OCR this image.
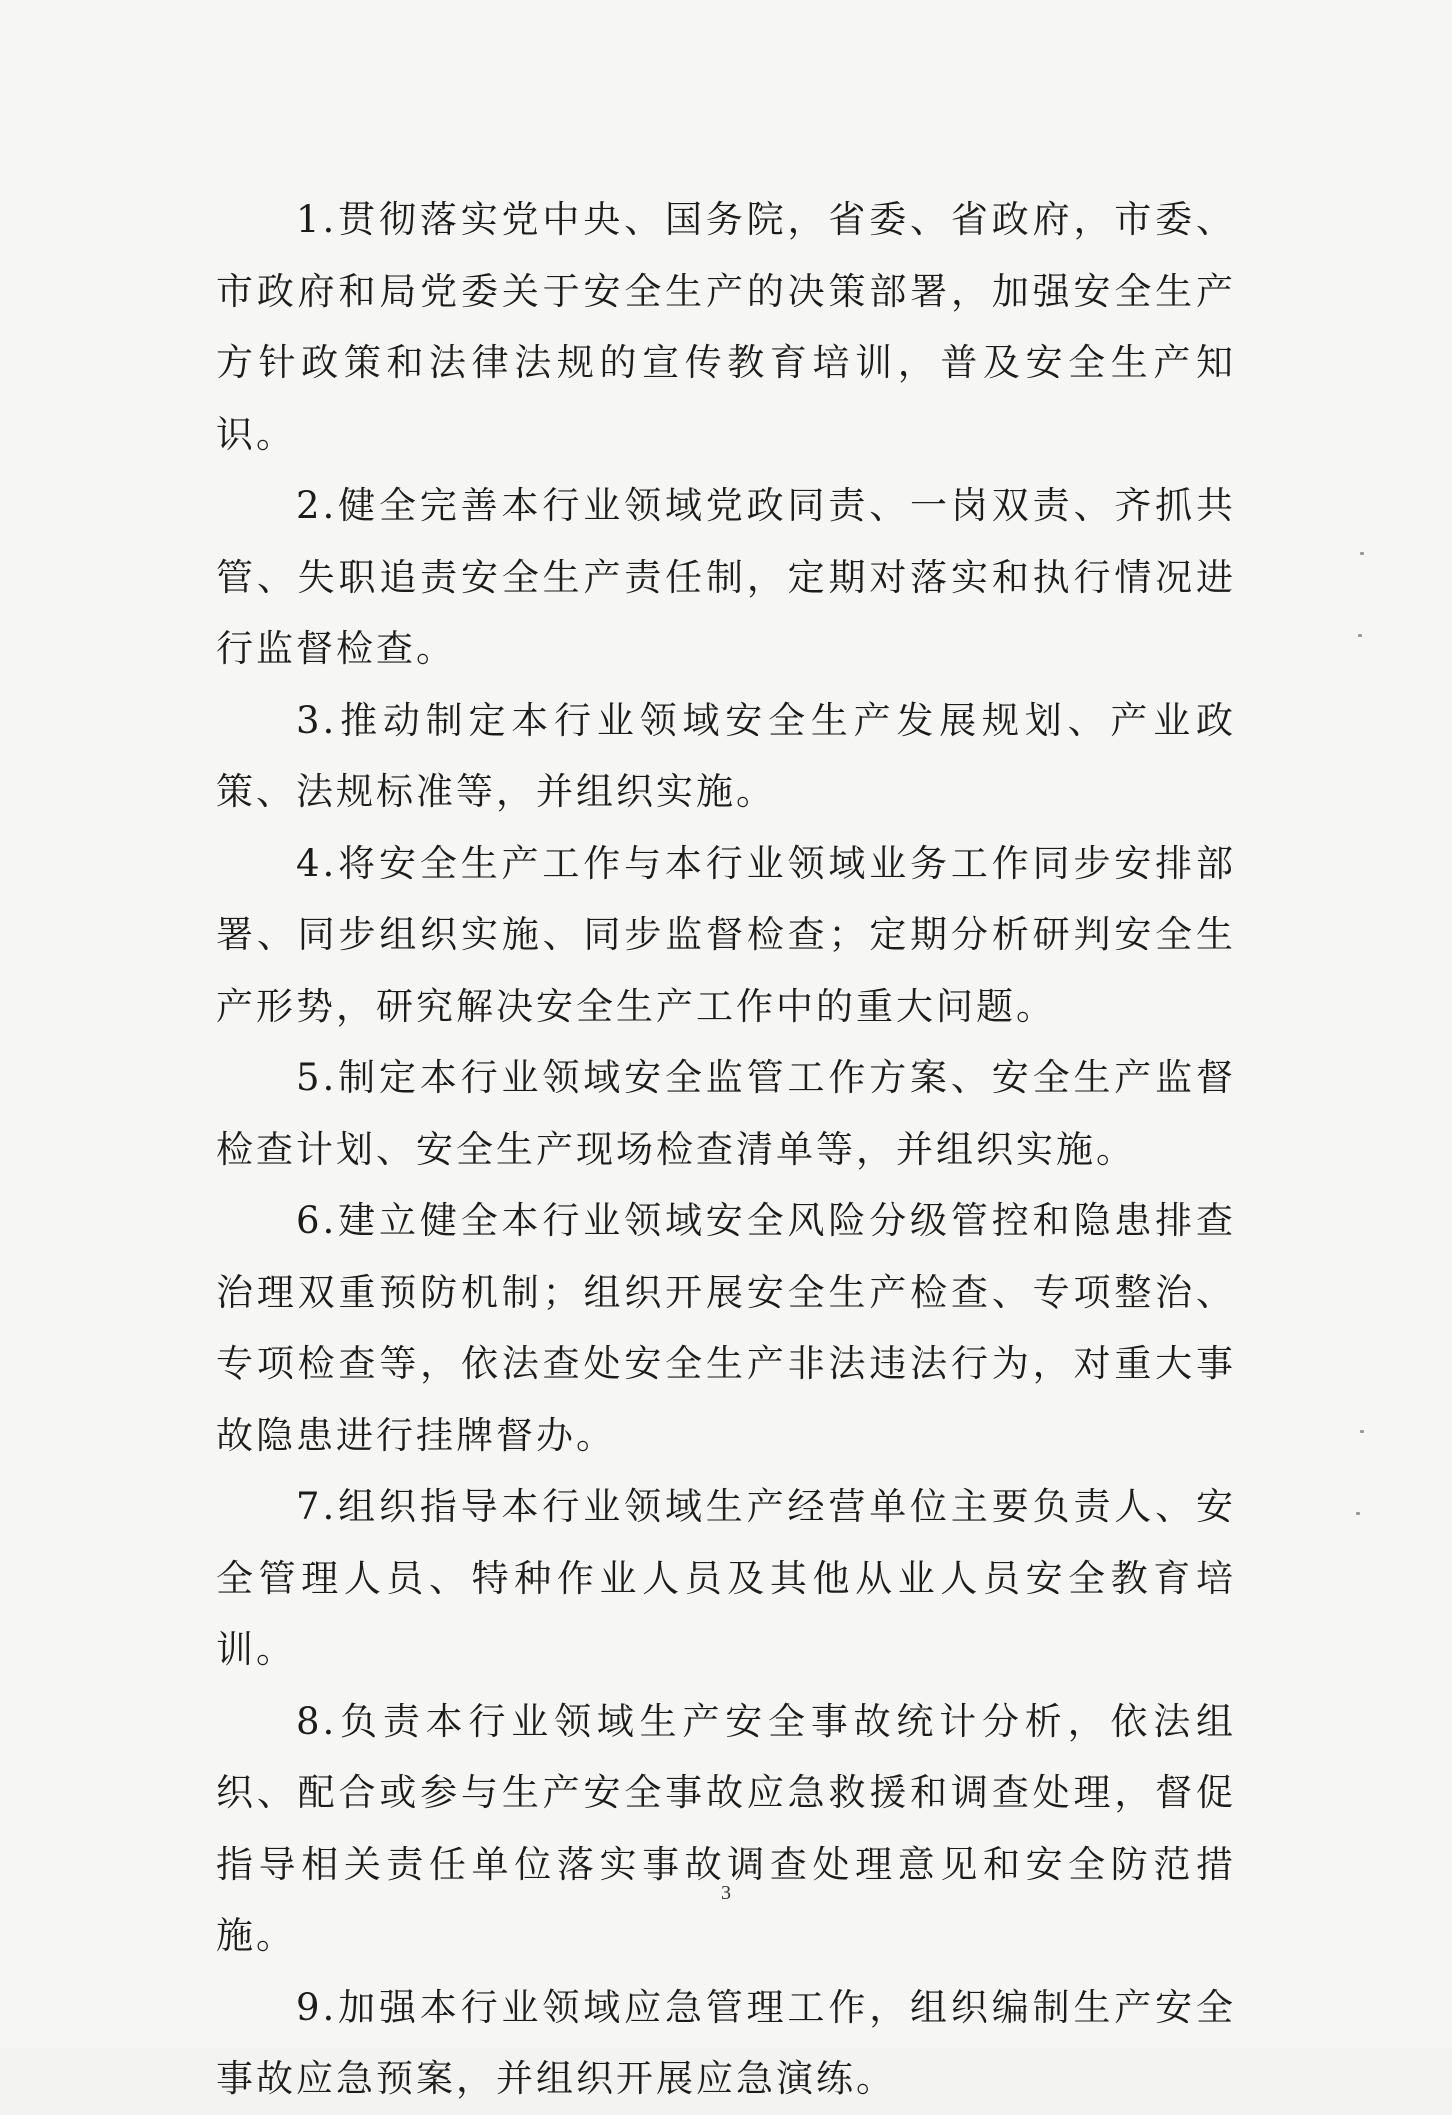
1.贯彻落实党中央、国务院，省委、省政府，市委、市政府和局党委关于安全生产的决策部署，加强安全生产方针政策和法律法规的宣传教育培训，普及安全生产知识。

2.健全完善本行业领域党政同责、一岗双责、齐抓共管、失职追责安全生产责任制，定期对落实和执行情况进行监督检查。

3.推动制定本行业领域安全生产发展规划、产业政策、法规标准等，并组织实施。

4.将安全生产工作与本行业领域业务工作同步安排部署、同步组织实施、同步监督检查；定期分析研判安全生产形势，研究解决安全生产工作中的重大问题。

5.制定本行业领域安全监管工作方案、安全生产监督检查计划、安全生产现场检查清单等，并组织实施。

6.建立健全本行业领域安全风险分级管控和隐患排查治理双重预防机制；组织开展安全生产检查、专项整治、专项检查等，依法查处安全生产非法违法行为，对重大事故隐患进行挂牌督办。

7.组织指导本行业领域生产经营单位主要负责人、安全管理人员、特种作业人员及其他从业人员安全教育培训。

8.负责本行业领域生产安全事故统计分析，依法组织、配合或参与生产安全事故应急救援和调查处理，督促指导相关责任单位落实事故调查处理意见和安全防范措施。

9.加强本行业领域应急管理工作，组织编制生产安全事故应急预案，并组织开展应急演练。

3
